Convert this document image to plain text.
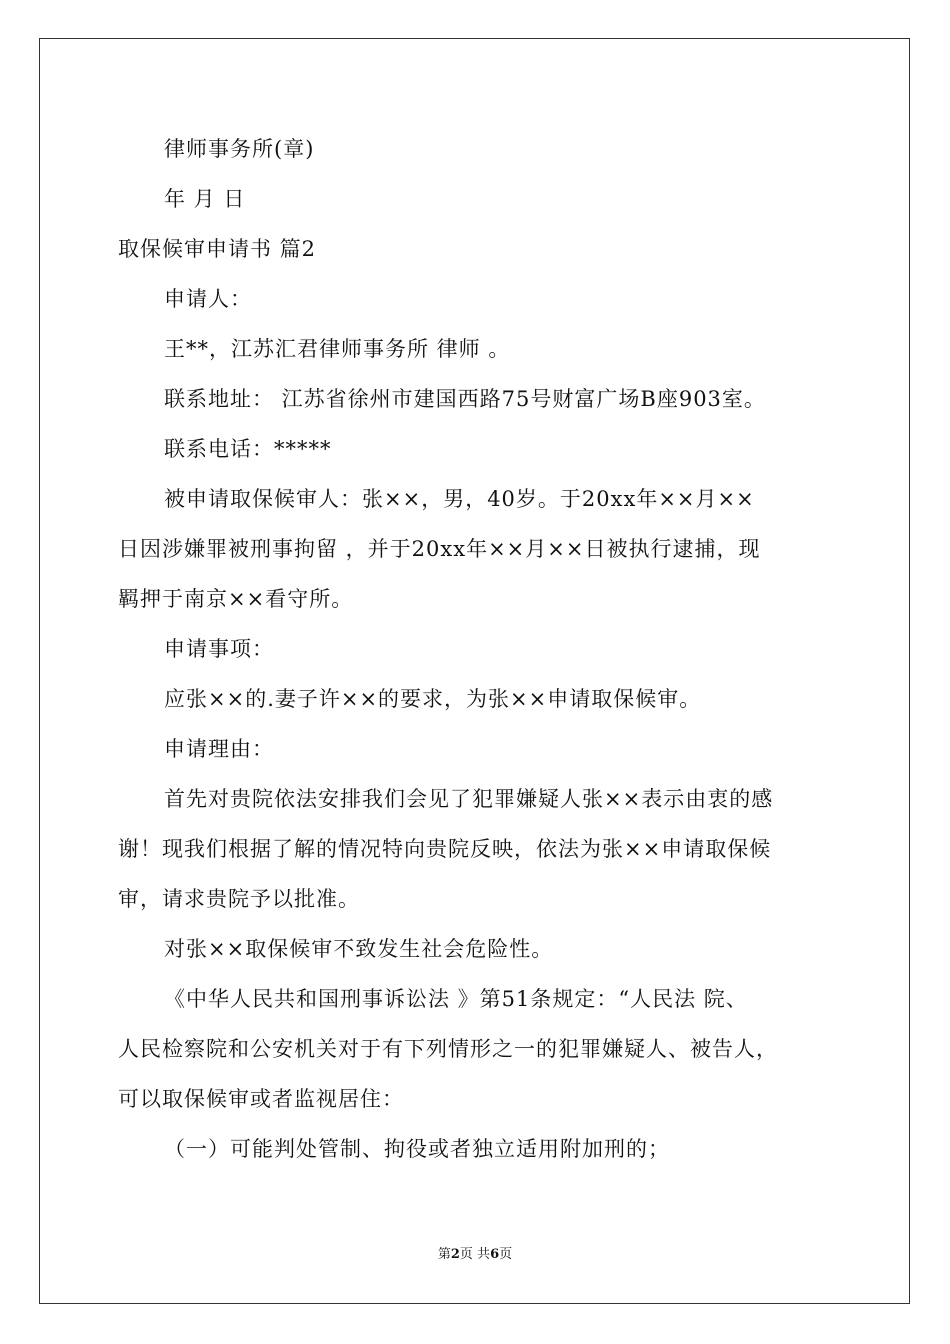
律师事务所(章)
年 月 日
取保候审申请书 篇2
申请人：
王**，江苏汇君律师事务所 律师 。
联系地址： 江苏省徐州市建国西路75号财富广场B座903室。
联系电话：*****
被申请取保候审人：张××，男，40岁。于20xx年××月××
日因涉嫌罪被刑事拘留 ，并于20xx年××月××日被执行逮捕，现
羁押于南京××看守所。
申请事项：
应张××的.妻子许××的要求，为张××申请取保候审。
申请理由：
首先对贵院依法安排我们会见了犯罪嫌疑人张××表示由衷的感
谢！现我们根据了解的情况特向贵院反映，依法为张××申请取保候
审，请求贵院予以批准。
对张××取保候审不致发生社会危险性。
《中华人民共和国刑事诉讼法 》第51条规定：“人民法 院、
人民检察院和公安机关对于有下列情形之一的犯罪嫌疑人、被告人，
可以取保候审或者监视居住：
（一）可能判处管制、拘役或者独立适用附加刑的；
第2页 共6页
